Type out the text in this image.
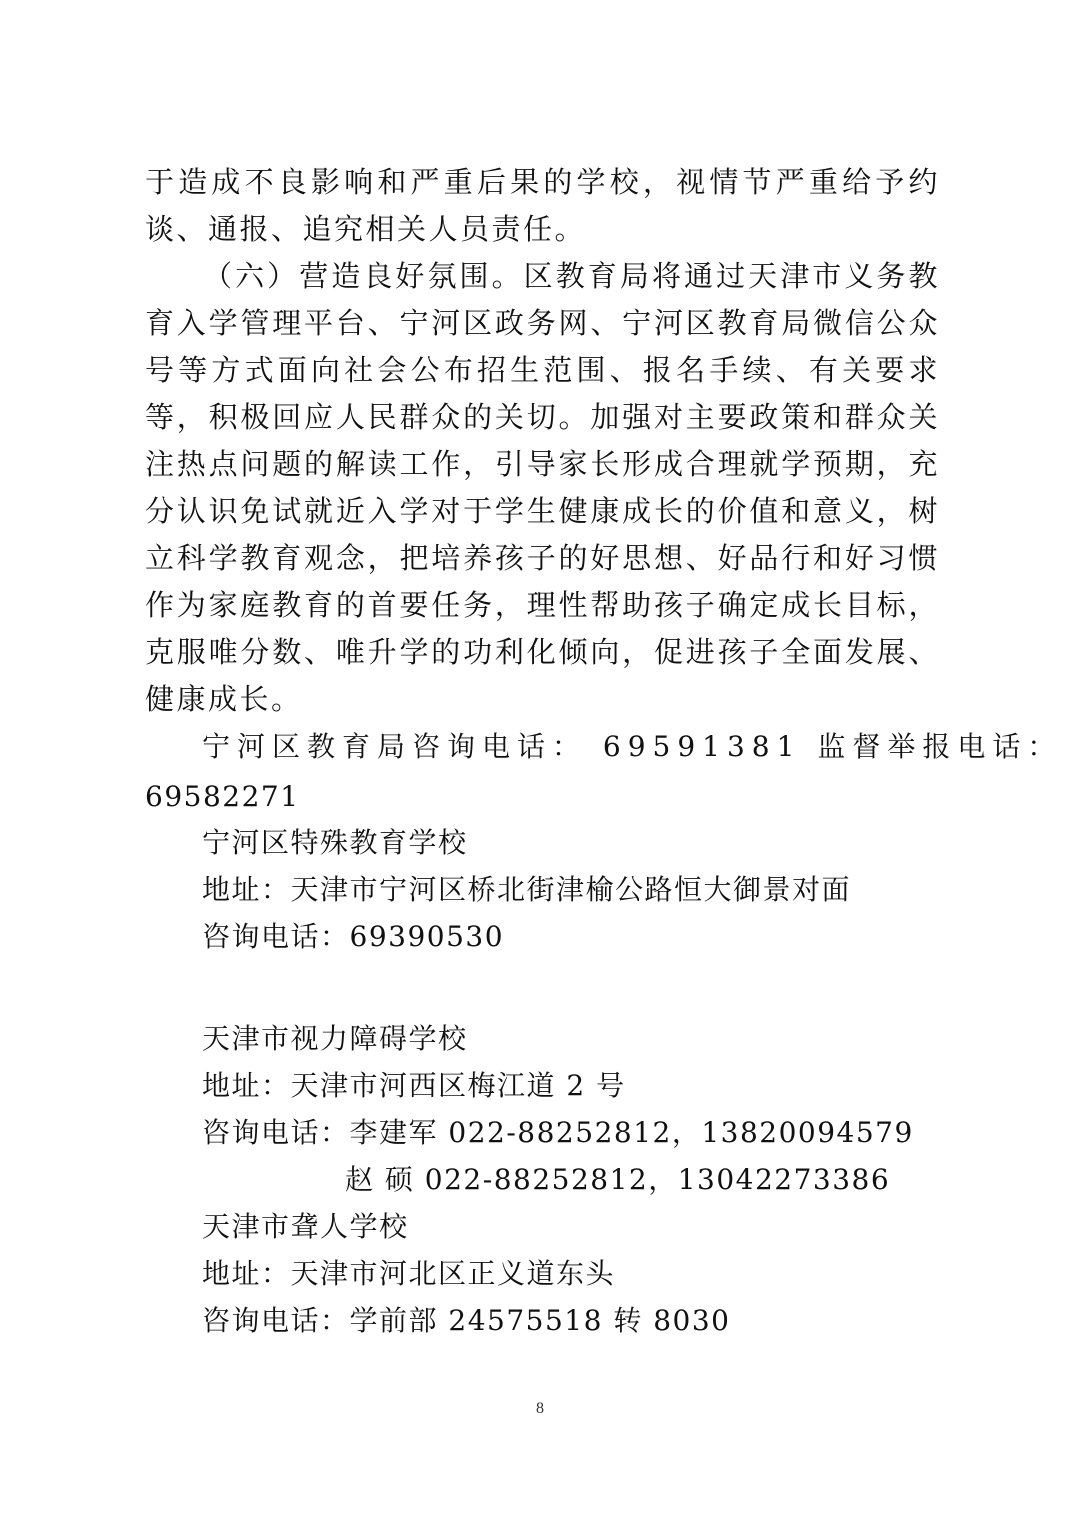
于造成不良影响和严重后果的学校，视情节严重给予约谈、通报、追究相关人员责任。

（六）营造良好氛围。区教育局将通过天津市义务教育入学管理平台、宁河区政务网、宁河区教育局微信公众号等方式面向社会公布招生范围、报名手续、有关要求等，积极回应人民群众的关切。加强对主要政策和群众关注热点问题的解读工作，引导家长形成合理就学预期，充分认识免试就近入学对于学生健康成长的价值和意义，树立科学教育观念，把培养孩子的好思想、好品行和好习惯作为家庭教育的首要任务，理性帮助孩子确定成长目标，克服唯分数、唯升学的功利化倾向，促进孩子全面发展、健康成长。

宁河区教育局咨询电话： 69591381 监督举报电话：
69582271
宁河区特殊教育学校
地址：天津市宁河区桥北街津榆公路恒大御景对面
咨询电话：69390530
天津市视力障碍学校
地址：天津市河西区梅江道 2 号
咨询电话：李建军 022-88252812，13820094579
赵 硕 022-88252812，13042273386
天津市聋人学校
地址：天津市河北区正义道东头
咨询电话：学前部 24575518 转 8030
8
